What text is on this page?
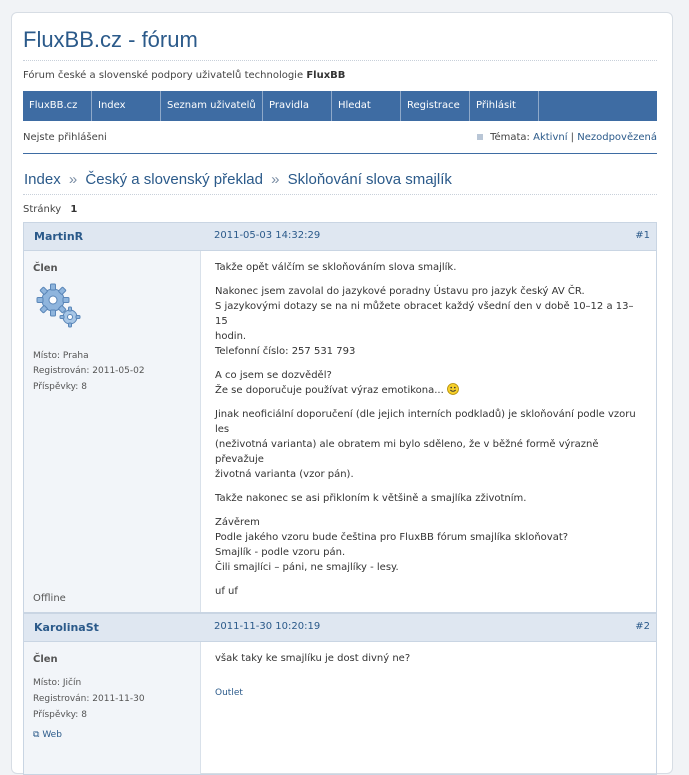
FluxBB.cz - fórum
Fórum české a slovenské podpory uživatelů technologie FluxBB
FluxBB.cz	Index	Seznam uživatelů	Pravidla	Hledat	Registrace	Přihlásit
Nejste přihlášeni	Témata: Aktivní | Nezodpovězená
Index » Český a slovenský překlad » Skloňování slova smajlík
Stránky 1
MartinR	2011-05-03 14:32:29	#1
Člen
Místo: Praha
Registrován: 2011-05-02
Příspěvky: 8
Offline

Takže opět válčím se skloňováním slova smajlík.

Nakonec jsem zavolal do jazykové poradny Ústavu pro jazyk český AV ČR.
S jazykovými dotazy se na ni můžete obracet každý všední den v době 10–12 a 13–15
hodin.
Telefonní číslo: 257 531 793

A co jsem se dozvěděl?
Že se doporučuje používat výraz emotikona...

Jinak neoficiální doporučení (dle jejich interních podkladů) je skloňování podle vzoru les
(neživotná varianta) ale obratem mi bylo sděleno, že v běžné formě výrazně převažuje
životná varianta (vzor pán).

Takže nakonec se asi přikloním k většině a smajlíka zživotním.

Závěrem
Podle jakého vzoru bude čeština pro FluxBB fórum smajlíka skloňovat?
Smajlík - podle vzoru pán.
Čili smajlíci – páni, ne smajlíky - lesy.

uf uf

KarolinaSt	2011-11-30 10:20:19	#2
Člen
Místo: Jičín
Registrován: 2011-11-30
Příspěvky: 8
⧉ Web

však taky ke smajlíku je dost divný ne?

Outlet
